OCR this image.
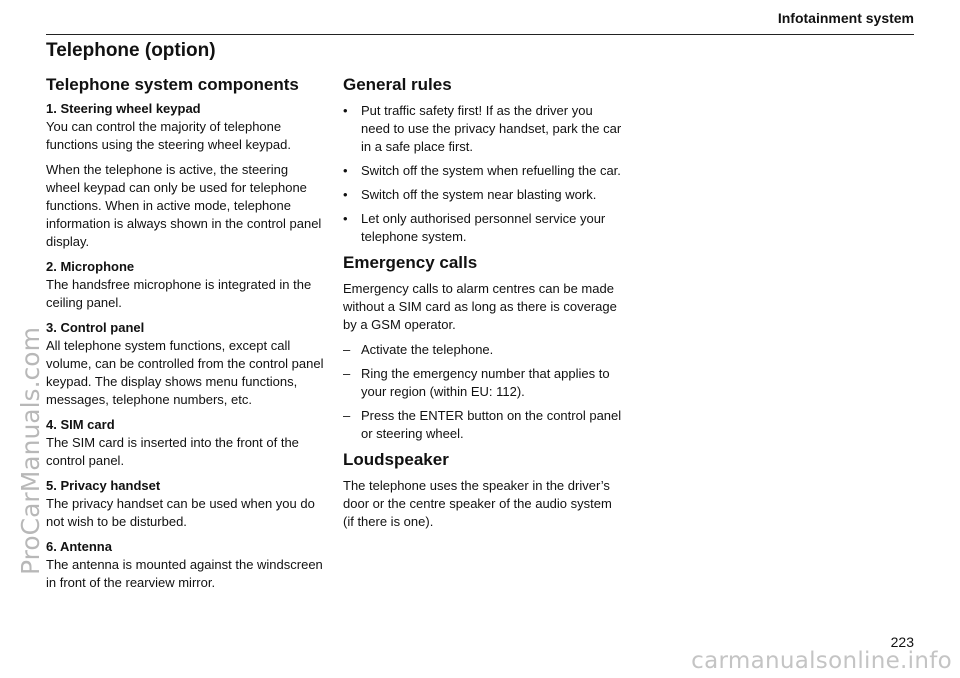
Infotainment system
Telephone (option)
Telephone system components
1. Steering wheel keypad

You can control the majority of telephone functions using the steering wheel keypad.

When the telephone is active, the steering wheel keypad can only be used for telephone functions. When in active mode, telephone information is always shown in the control panel display.

2. Microphone

The handsfree microphone is integrated in the ceiling panel.

3. Control panel

All telephone system functions, except call volume, can be controlled from the control panel keypad. The display shows menu functions, messages, telephone numbers, etc.

4. SIM card

The SIM card is inserted into the front of the control panel.

5. Privacy handset

The privacy handset can be used when you do not wish to be disturbed.

6. Antenna

The antenna is mounted against the windscreen in front of the rearview mirror.

General rules
• Put traffic safety first! If as the driver you need to use the privacy handset, park the car in a safe place first.
• Switch off the system when refuelling the car.
• Switch off the system near blasting work.
• Let only authorised personnel service your telephone system.
Emergency calls

Emergency calls to alarm centres can be made without a SIM card as long as there is coverage by a GSM operator.

– Activate the telephone.
– Ring the emergency number that applies to your region (within EU: 112).
– Press the ENTER button on the control panel or steering wheel.
Loudspeaker

The telephone uses the speaker in the driver’s door or the centre speaker of the audio system (if there is one).

223
ProCarManuals.com
carmanualsonline.info
